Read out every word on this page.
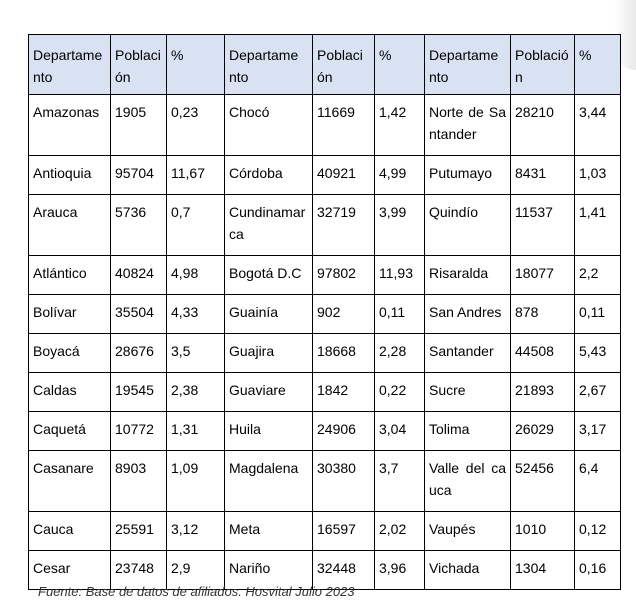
Departame nto	Poblaci ón	%	Departame nto	Poblaci ón	%	Departame nto	Població n	%
Amazonas	1905	0,23	Chocó	11669	1,42	Norte de Santander	28210	3,44
Antioquia	95704	11,67	Córdoba	40921	4,99	Putumayo	8431	1,03
Arauca	5736	0,7	Cundinamar ca	32719	3,99	Quindío	11537	1,41
Atlántico	40824	4,98	Bogotá D.C	97802	11,93	Risaralda	18077	2,2
Bolívar	35504	4,33	Guainía	902	0,11	San Andres	878	0,11
Boyacá	28676	3,5	Guajira	18668	2,28	Santander	44508	5,43
Caldas	19545	2,38	Guaviare	1842	0,22	Sucre	21893	2,67
Caquetá	10772	1,31	Huila	24906	3,04	Tolima	26029	3,17
Casanare	8903	1,09	Magdalena	30380	3,7	Valle del cauca	52456	6,4
Cauca	25591	3,12	Meta	16597	2,02	Vaupés	1010	0,12
Cesar	23748	2,9	Nariño	32448	3,96	Vichada	1304	0,16
Fuente: Base de datos de afiliados. Hosvital Julio 2023
